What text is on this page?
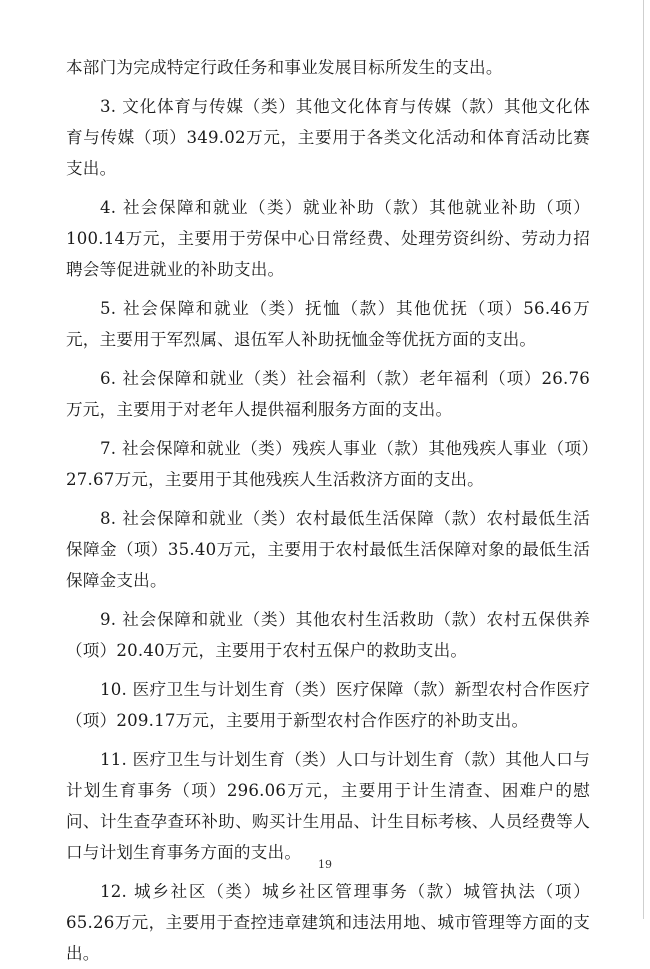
本部门为完成特定行政任务和事业发展目标所发生的支出。

3. 文化体育与传媒（类）其他文化体育与传媒（款）其他文化体育与传媒（项）349.02万元，主要用于各类文化活动和体育活动比赛支出。

4. 社会保障和就业（类）就业补助（款）其他就业补助（项）100.14万元，主要用于劳保中心日常经费、处理劳资纠纷、劳动力招聘会等促进就业的补助支出。

5. 社会保障和就业（类）抚恤（款）其他优抚（项）56.46万元，主要用于军烈属、退伍军人补助抚恤金等优抚方面的支出。

6. 社会保障和就业（类）社会福利（款）老年福利（项）26.76万元，主要用于对老年人提供福利服务方面的支出。

7. 社会保障和就业（类）残疾人事业（款）其他残疾人事业（项）27.67万元，主要用于其他残疾人生活救济方面的支出。

8. 社会保障和就业（类）农村最低生活保障（款）农村最低生活保障金（项）35.40万元，主要用于农村最低生活保障对象的最低生活保障金支出。

9. 社会保障和就业（类）其他农村生活救助（款）农村五保供养（项）20.40万元，主要用于农村五保户的救助支出。

10. 医疗卫生与计划生育（类）医疗保障（款）新型农村合作医疗（项）209.17万元，主要用于新型农村合作医疗的补助支出。

11. 医疗卫生与计划生育（类）人口与计划生育（款）其他人口与计划生育事务（项）296.06万元，主要用于计生清查、困难户的慰问、计生查孕查环补助、购买计生用品、计生目标考核、人员经费等人口与计划生育事务方面的支出。

12. 城乡社区（类）城乡社区管理事务（款）城管执法（项）65.26万元，主要用于查控违章建筑和违法用地、城市管理等方面的支出。

19
